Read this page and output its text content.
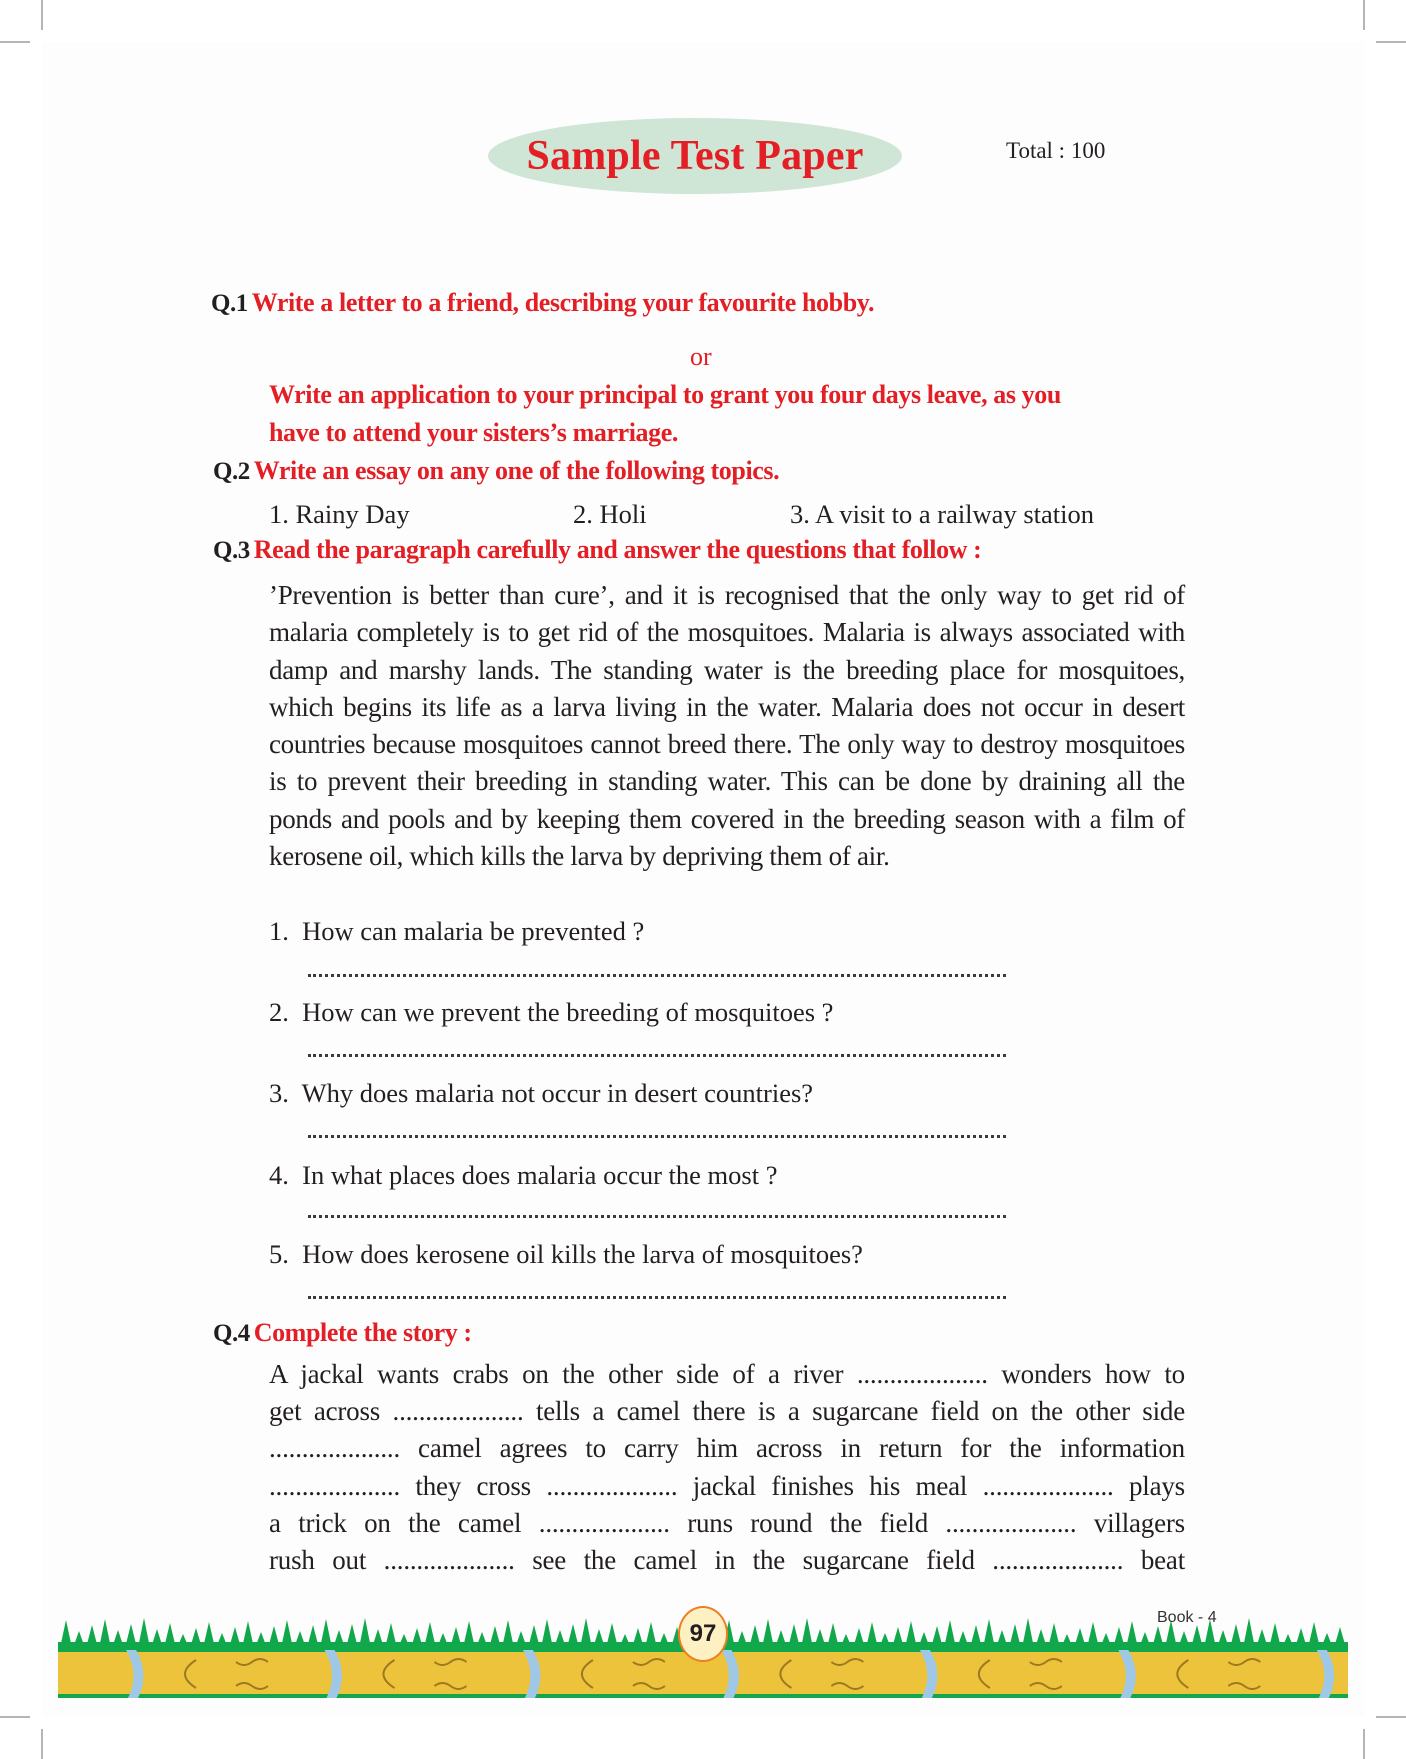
Sample Test Paper	Total : 100
Q.1 Write a letter to a friend, describing your favourite hobby.
or
Write an application to your principal to grant you four days leave, as you
have to attend your sisters’s marriage.
Q.2 Write an essay on any one of the following topics.
1. Rainy Day	2. Holi	3. A visit to a railway station
Q.3 Read the paragraph carefully and answer the questions that follow :
’Prevention is better than cure’, and it is recognised that the only way to get rid of malaria completely is to get rid of the mosquitoes. Malaria is always associated with damp and marshy lands. The standing water is the breeding place for mosquitoes, which begins its life as a larva living in the water. Malaria does not occur in desert countries because mosquitoes cannot breed there. The only way to destroy mosquitoes is to prevent their breeding in standing water. This can be done by draining all the ponds and pools and by keeping them covered in the breeding season with a film of kerosene oil, which kills the larva by depriving them of air.
1. How can malaria be prevented ?
2. How can we prevent the breeding of mosquitoes ?
3. Why does malaria not occur in desert countries?
4. In what places does malaria occur the most ?
5. How does kerosene oil kills the larva of mosquitoes?
Q.4 Complete the story :
A jackal wants crabs on the other side of a river .................... wonders how to
get across .................... tells a camel there is a sugarcane field on the other side
.................... camel agrees to carry him across in return for the information
.................... they cross .................... jackal finishes his meal .................... plays
a trick on the camel .................... runs round the field .................... villagers
rush out .................... see the camel in the sugarcane field .................... beat
97
Book - 4
